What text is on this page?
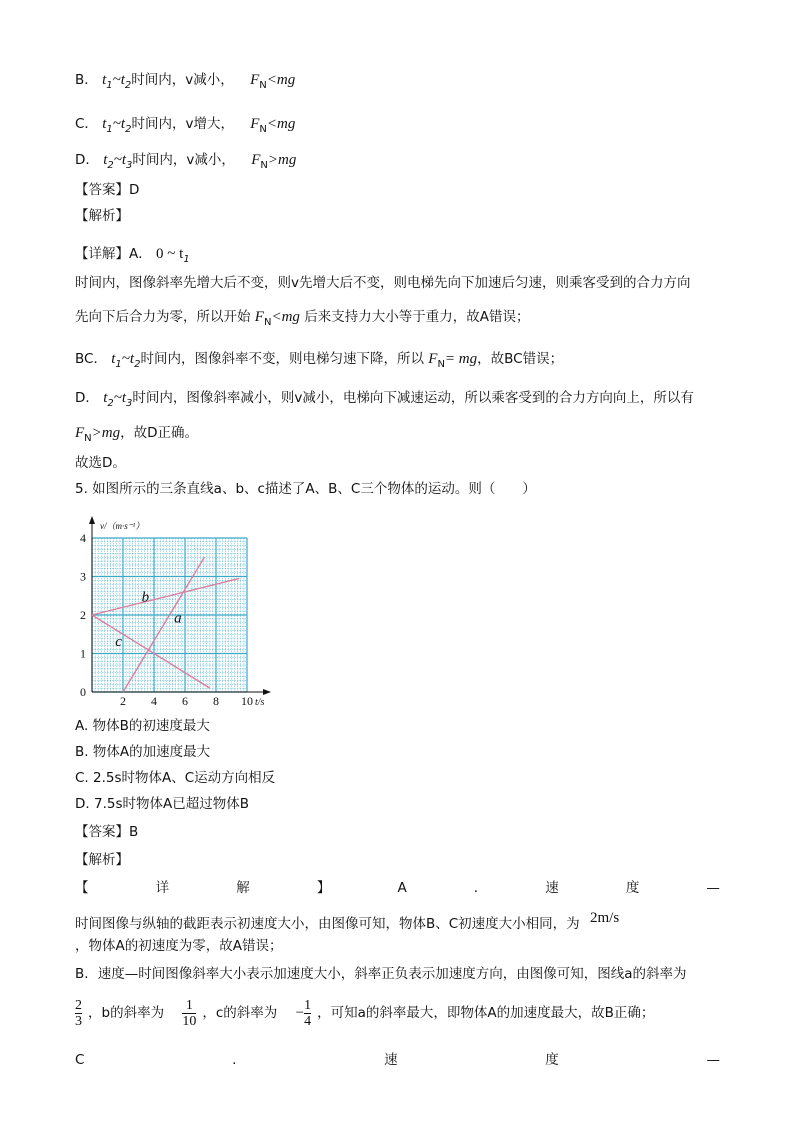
B． $t_1\sim t_2$时间内，v减小， $F_N<mg$
C． $t_1\sim t_2$时间内，v增大， $F_N<mg$
D． $t_2\sim t_3$时间内，v减小， $F_N>mg$
【答案】D
【解析】
【详解】A． 0 ~ $t_1$
时间内，图像斜率先增大后不变，则v先增大后不变，则电梯先向下加速后匀速，则乘客受到的合力方向
先向下后合力为零，所以开始 $F_N<mg$ 后来支持力大小等于重力，故A错误；
BC． $t_1\sim t_2$时间内，图像斜率不变，则电梯匀速下降，所以 $F_N=$ mg，故BC错误；
D． $t_2\sim t_3$时间内，图像斜率减小，则v减小，电梯向下减速运动，所以乘客受到的合力方向向上，所以有
$F_N>mg$，故D正确。
故选D。
5. 如图所示的三条直线a、b、c描述了A、B、C三个物体的运动。则（　　）
2 4 6 8 10
1
2
3
4
0
t/s
v/（m·s⁻¹）
a
b
c
A. 物体B的初速度最大
B. 物体A的加速度最大
C. 2.5s时物体A、C运动方向相反
D. 7.5s时物体A已超过物体B
【答案】B
【解析】
【	详	解	】	A	.	速	度	—
时间图像与纵轴的截距表示初速度大小，由图像可知，物体B、C初速度大小相同，为 2m/s
，物体A的初速度为零，故A错误；
B．速度—时间图像斜率大小表示加速度大小，斜率正负表示加速度方向，由图像可知，图线a的斜率为
$\frac{2}{3}$ ，b的斜率为 $\frac{1}{10}$ ，c的斜率为 − $\frac{1}{4}$ ，可知a的斜率最大，即物体A的加速度最大，故B正确；
C	.	速	度	—
